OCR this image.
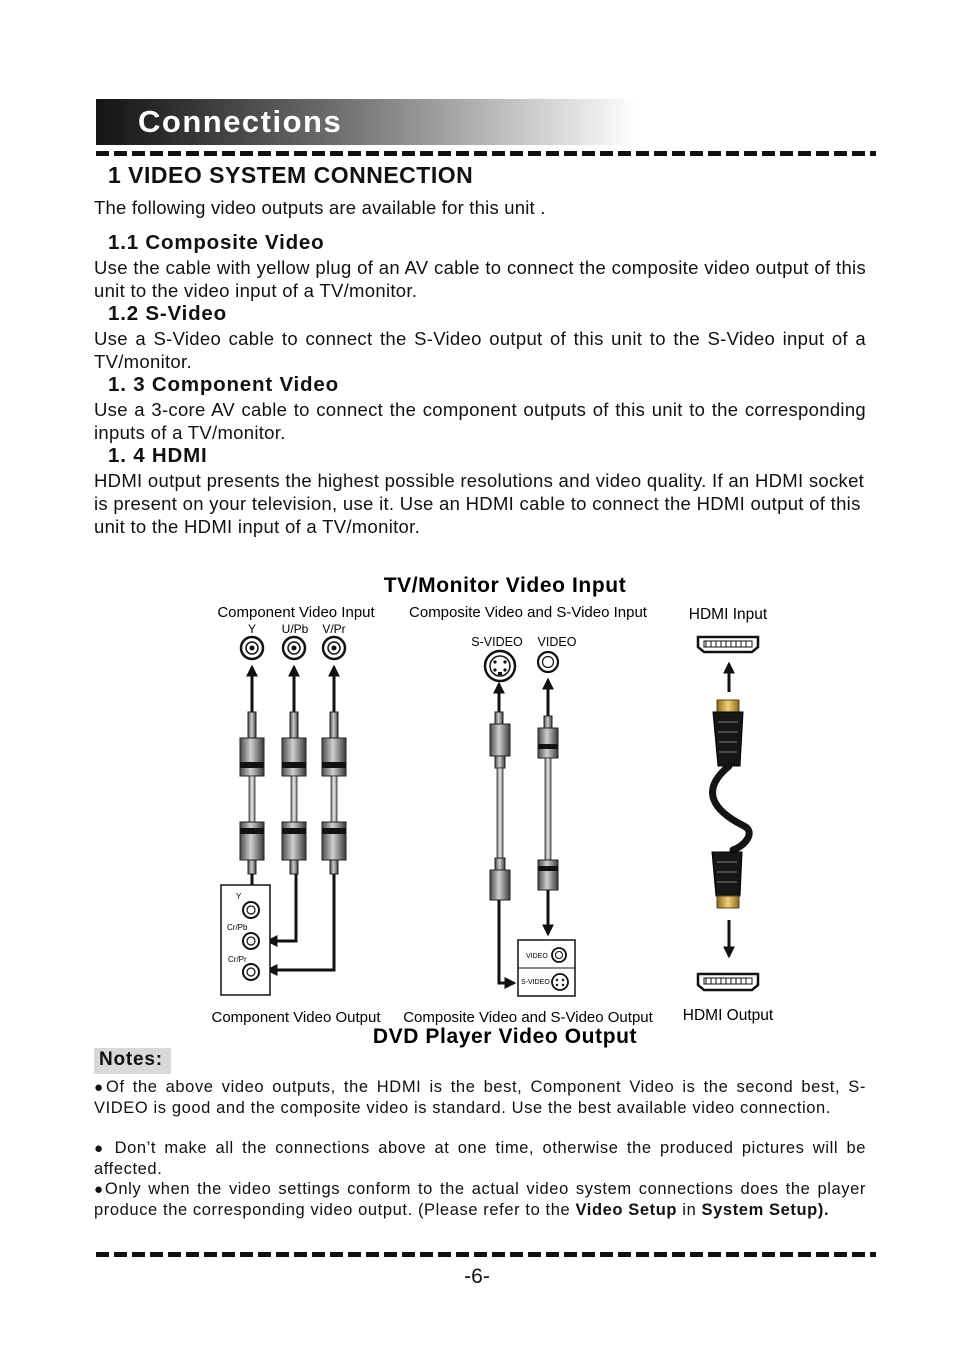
Connections
1 VIDEO SYSTEM CONNECTION
The following video outputs are available for this unit .
1.1 Composite Video
Use the cable with yellow plug of an AV cable to connect the composite video output of this unit to the video input of a TV/monitor.
1.2 S-Video
Use a S-Video cable to connect the S-Video output of this unit to the S-Video input of a TV/monitor.
1. 3 Component Video
Use a 3-core AV cable to connect the component outputs of this unit to the corresponding inputs of a TV/monitor.
1. 4 HDMI
HDMI output presents the highest possible resolutions and video quality. If an HDMI socket is present on your television, use it. Use an HDMI cable to connect the HDMI output of this unit to the HDMI input of a TV/monitor.
TV/Monitor Video Input
DVD Player Video Output
Component Video Input Composite Video and S-Video Input	HDMI Input
Component Video Output Composite Video and S-Video Output HDMI Output
Y U/Pb V/Pr
Y
Cr/Pb
Cr/Pr
S-VIDEO VIDEO
VIDEO
S-VIDEO
Notes:
●Of the above video outputs, the HDMI is the best, Component Video is the second best, S-VIDEO is good and the composite video is standard. Use the best available video connection.
● Don’t make all the connections above at one time, otherwise the produced pictures will be affected.
●Only when the video settings conform to the actual video system connections does the player produce the corresponding video output. (Please refer to the Video Setup in System Setup).
-6-
